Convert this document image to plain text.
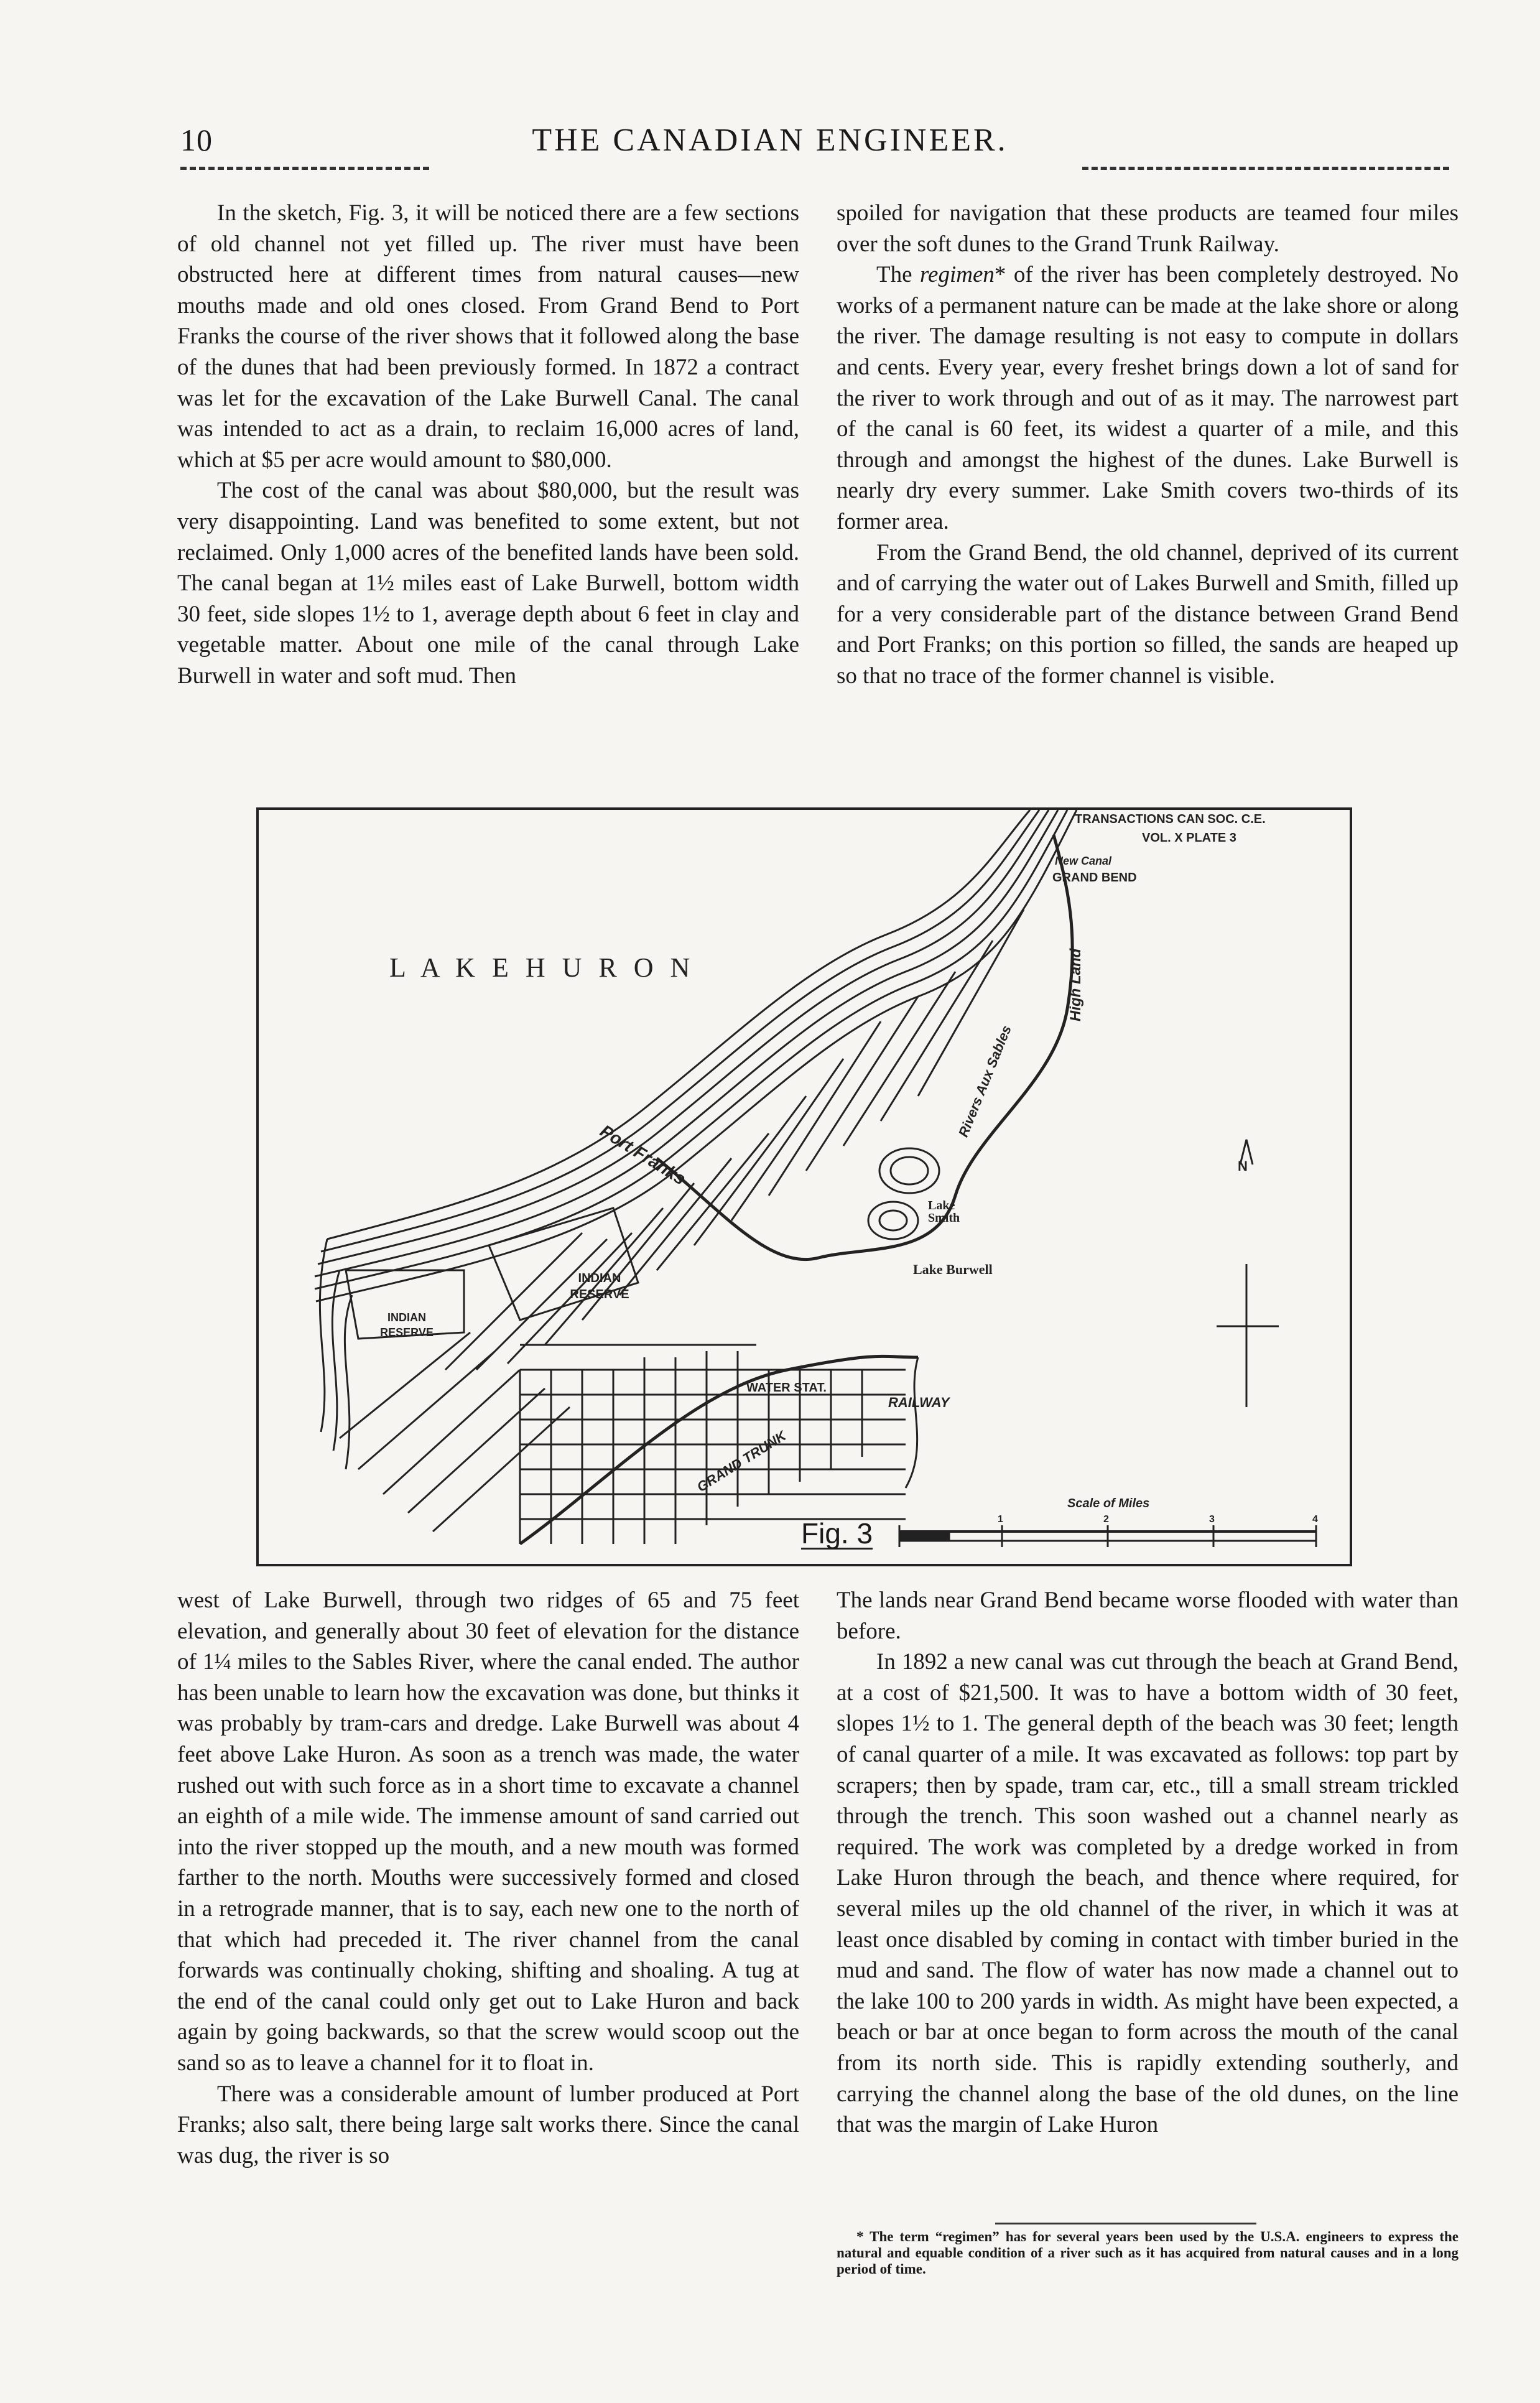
10	THE CANADIAN ENGINEER.

In the sketch, Fig. 3, it will be noticed there are a few sections of old channel not yet filled up. The river must have been obstructed here at different times from natural causes—new mouths made and old ones closed. From Grand Bend to Port Franks the course of the river shows that it followed along the base of the dunes that had been previously formed. In 1872 a contract was let for the excavation of the Lake Burwell Canal. The canal was intended to act as a drain, to reclaim 16,000 acres of land, which at $5 per acre would amount to $80,000.

The cost of the canal was about $80,000, but the result was very disappointing. Land was benefited to some extent, but not reclaimed. Only 1,000 acres of the benefited lands have been sold. The canal began at 1½ miles east of Lake Burwell, bottom width 30 feet, side slopes 1½ to 1, average depth about 6 feet in clay and vegetable matter. About one mile of the canal through Lake Burwell in water and soft mud. Then

spoiled for navigation that these products are teamed four miles over the soft dunes to the Grand Trunk Railway.

The regimen* of the river has been completely destroyed. No works of a permanent nature can be made at the lake shore or along the river. The damage resulting is not easy to compute in dollars and cents. Every year, every freshet brings down a lot of sand for the river to work through and out of as it may. The narrowest part of the canal is 60 feet, its widest a quarter of a mile, and this through and amongst the highest of the dunes. Lake Burwell is nearly dry every summer. Lake Smith covers two-thirds of its former area.

From the Grand Bend, the old channel, deprived of its current and of carrying the water out of Lakes Burwell and Smith, filled up for a very considerable part of the distance between Grand Bend and Port Franks; on this portion so filled, the sands are heaped up so that no trace of the former channel is visible.

TRANSACTIONS CAN SOC. C.E.
VOL. X PLATE 3
New Canal
GRAND BEND
L A K E H U R O N	High Land
Rivers Aux Sables
Port Franks
Lake Smith
Lake Burwell
INDIAN RESERVE
INDIAN RESERVE
WATER STAT.
RAILWAY
GRAND TRUNK
Scale of Miles
1	2	3	4
N
Fig. 3

west of Lake Burwell, through two ridges of 65 and 75 feet elevation, and generally about 30 feet of elevation for the distance of 1¼ miles to the Sables River, where the canal ended. The author has been unable to learn how the excavation was done, but thinks it was probably by tram-cars and dredge. Lake Burwell was about 4 feet above Lake Huron. As soon as a trench was made, the water rushed out with such force as in a short time to excavate a channel an eighth of a mile wide. The immense amount of sand carried out into the river stopped up the mouth, and a new mouth was formed farther to the north. Mouths were successively formed and closed in a retrograde manner, that is to say, each new one to the north of that which had preceded it. The river channel from the canal forwards was continually choking, shifting and shoaling. A tug at the end of the canal could only get out to Lake Huron and back again by going backwards, so that the screw would scoop out the sand so as to leave a channel for it to float in.

There was a considerable amount of lumber produced at Port Franks; also salt, there being large salt works there. Since the canal was dug, the river is so

The lands near Grand Bend became worse flooded with water than before.

In 1892 a new canal was cut through the beach at Grand Bend, at a cost of $21,500. It was to have a bottom width of 30 feet, slopes 1½ to 1. The general depth of the beach was 30 feet; length of canal quarter of a mile. It was excavated as follows: top part by scrapers; then by spade, tram car, etc., till a small stream trickled through the trench. This soon washed out a channel nearly as required. The work was completed by a dredge worked in from Lake Huron through the beach, and thence where required, for several miles up the old channel of the river, in which it was at least once disabled by coming in contact with timber buried in the mud and sand. The flow of water has now made a channel out to the lake 100 to 200 yards in width. As might have been expected, a beach or bar at once began to form across the mouth of the canal from its north side. This is rapidly extending southerly, and carrying the channel along the base of the old dunes, on the line that was the margin of Lake Huron

* The term “regimen” has for several years been used by the U.S.A. engineers to express the natural and equable condition of a river such as it has acquired from natural causes and in a long period of time.
